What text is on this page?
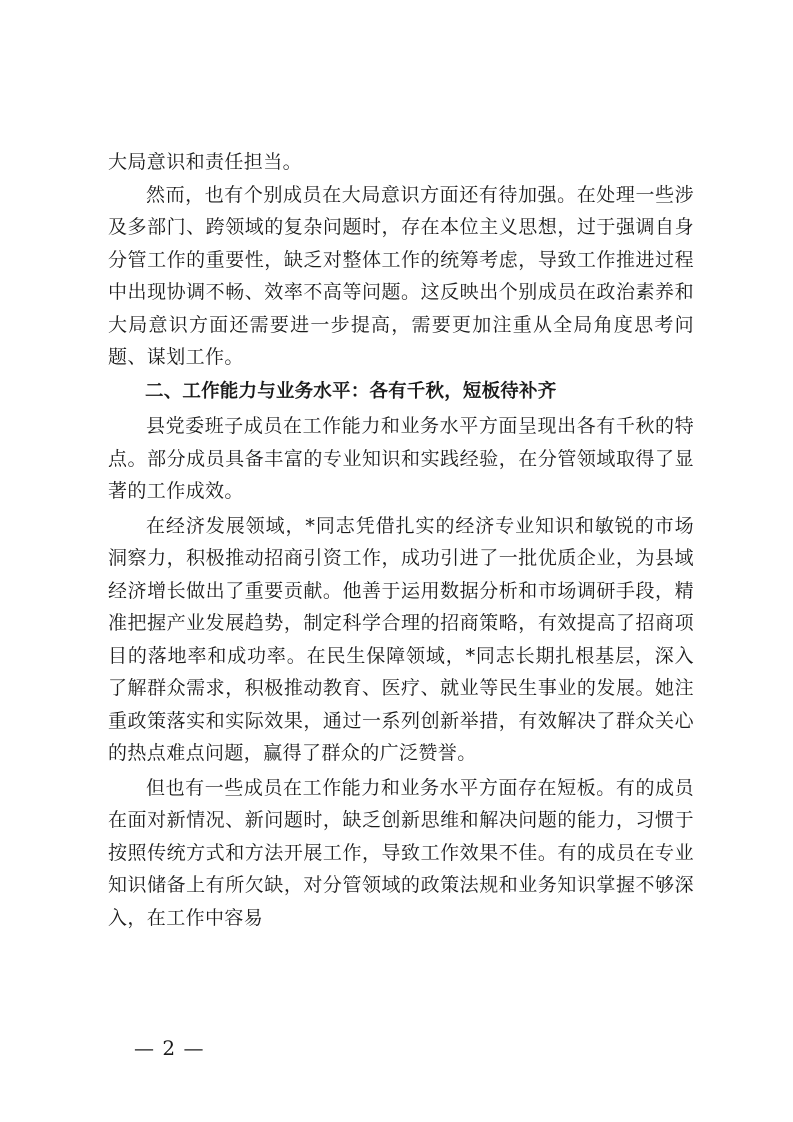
大局意识和责任担当。

然而，也有个别成员在大局意识方面还有待加强。在处理一些涉及多部门、跨领域的复杂问题时，存在本位主义思想，过于强调自身分管工作的重要性，缺乏对整体工作的统筹考虑，导致工作推进过程中出现协调不畅、效率不高等问题。这反映出个别成员在政治素养和大局意识方面还需要进一步提高，需要更加注重从全局角度思考问题、谋划工作。

二、工作能力与业务水平：各有千秋，短板待补齐

县党委班子成员在工作能力和业务水平方面呈现出各有千秋的特点。部分成员具备丰富的专业知识和实践经验，在分管领域取得了显著的工作成效。

在经济发展领域，*同志凭借扎实的经济专业知识和敏锐的市场洞察力，积极推动招商引资工作，成功引进了一批优质企业，为县域经济增长做出了重要贡献。他善于运用数据分析和市场调研手段，精准把握产业发展趋势，制定科学合理的招商策略，有效提高了招商项目的落地率和成功率。在民生保障领域，*同志长期扎根基层，深入了解群众需求，积极推动教育、医疗、就业等民生事业的发展。她注重政策落实和实际效果，通过一系列创新举措，有效解决了群众关心的热点难点问题，赢得了群众的广泛赞誉。

但也有一些成员在工作能力和业务水平方面存在短板。有的成员在面对新情况、新问题时，缺乏创新思维和解决问题的能力，习惯于按照传统方式和方法开展工作，导致工作效果不佳。有的成员在专业知识储备上有所欠缺，对分管领域的政策法规和业务知识掌握不够深入，在工作中容易

— 2 —
